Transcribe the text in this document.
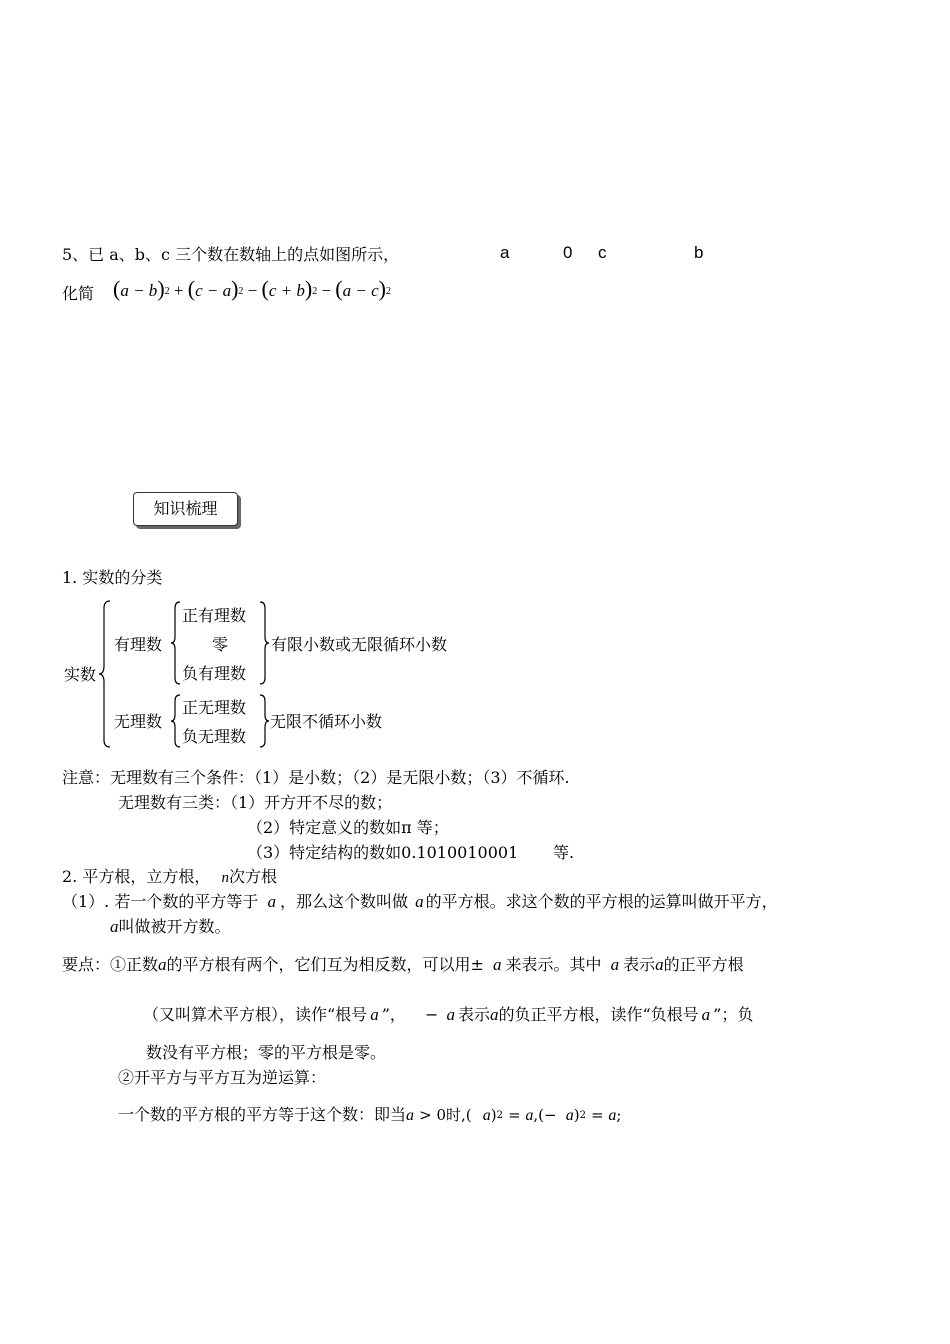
5、已 a、b、c 三个数在数轴上的点如图所示，	a	0 c	b
化简 (a − b)2 + (c − a)2 − (c + b)2 − (a − c)2
知识梳理
1. 实数的分类
实数
有理数
正有理数
零
负有理数
有限小数或无限循环小数
无理数
正无理数
负无理数
无限不循环小数
注意：无理数有三个条件：（1）是小数；（2）是无限小数；（3）不循环.
无理数有三类：（1）开方开不尽的数；
（2）特定意义的数如π 等；
（3）特定结构的数如0.1010010001 等.
2. 平方根，立方根， n次方根
（1）. 若一个数的平方等于 a ，那么这个数叫做 a 的平方根。求这个数的平方根的运算叫做开平方，
a叫做被开方数。
要点：①正数a的平方根有两个，它们互为相反数，可以用± a 来表示。其中 a 表示a的正平方根
（又叫算术平方根），读作“根号 a ”， − a 表示a的负正平方根，读作“负根号 a ”；负
数没有平方根；零的平方根是零。
②开平方与平方互为逆运算：
一个数的平方根的平方等于这个数：即当a > 0时,( a)2 = a,(− a)2 = a;
